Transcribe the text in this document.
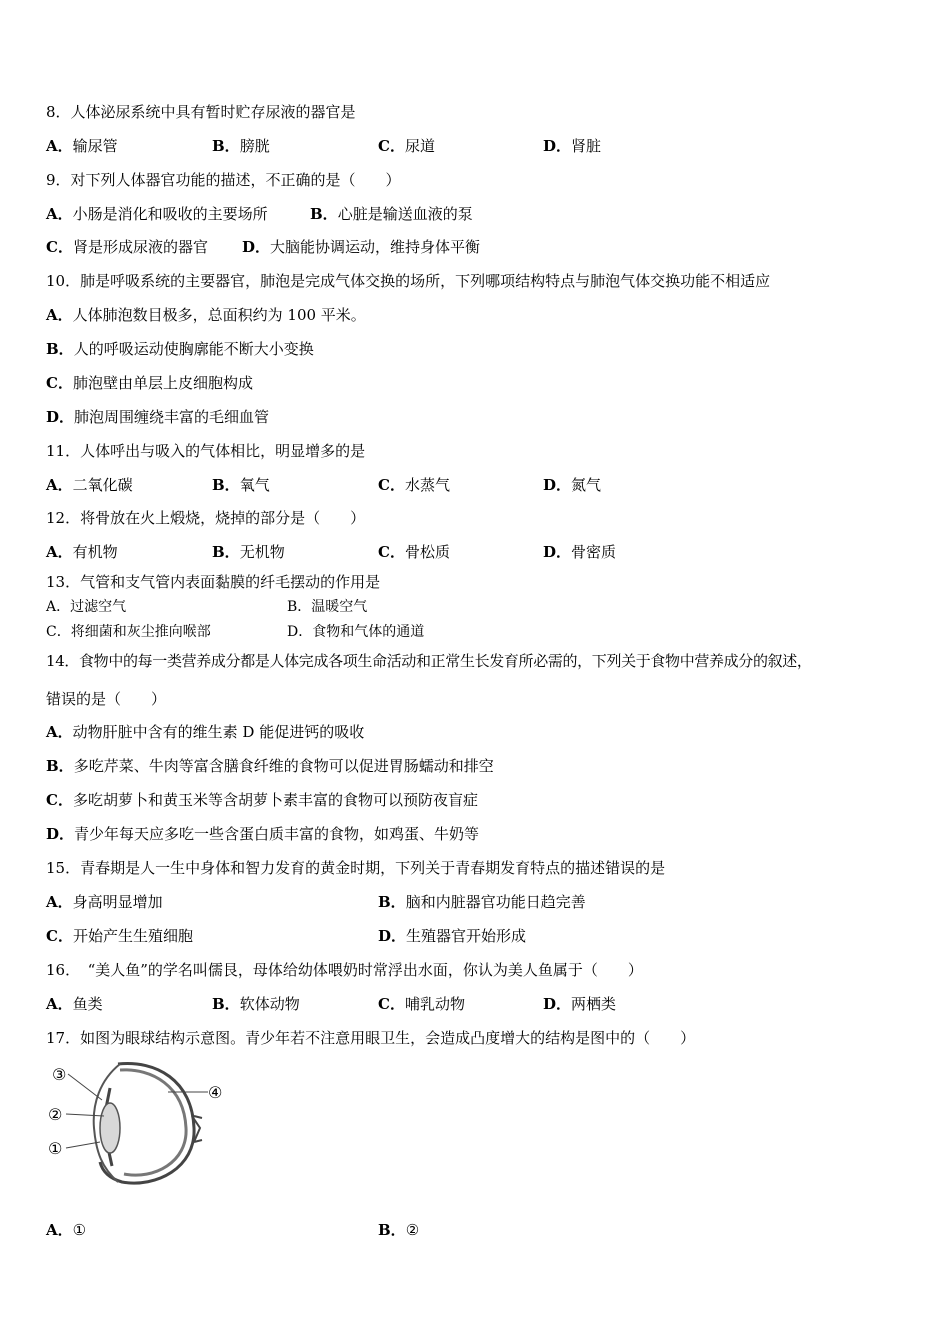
8．人体泌尿系统中具有暂时贮存尿液的器官是
A．输尿管	B．膀胱	C．尿道	D．肾脏
9．对下列人体器官功能的描述，不正确的是（　　）
A．小肠是消化和吸收的主要场所	B．心脏是输送血液的泵
C．肾是形成尿液的器官 D．大脑能协调运动，维持身体平衡
10．肺是呼吸系统的主要器官，肺泡是完成气体交换的场所，下列哪项结构特点与肺泡气体交换功能不相适应
A．人体肺泡数目极多，总面积约为 100 平米。
B．人的呼吸运动使胸廓能不断大小变换
C．肺泡壁由单层上皮细胞构成
D．肺泡周围缠绕丰富的毛细血管
11．人体呼出与吸入的气体相比，明显增多的是
A．二氧化碳	B．氧气	C．水蒸气	D．氮气
12．将骨放在火上煅烧，烧掉的部分是（　　）
A．有机物	B．无机物	C．骨松质	D．骨密质
13．气管和支气管内表面黏膜的纤毛摆动的作用是
A．过滤空气	B．温暖空气
C．将细菌和灰尘推向喉部	D．食物和气体的通道
14．食物中的每一类营养成分都是人体完成各项生命活动和正常生长发育所必需的，下列关于食物中营养成分的叙述，
错误的是（　　）
A．动物肝脏中含有的维生素 D 能促进钙的吸收
B．多吃芹菜、牛肉等富含膳食纤维的食物可以促进胃肠蠕动和排空
C．多吃胡萝卜和黄玉米等含胡萝卜素丰富的食物可以预防夜盲症
D．青少年每天应多吃一些含蛋白质丰富的食物，如鸡蛋、牛奶等
15．青春期是人一生中身体和智力发育的黄金时期，下列关于青春期发育特点的描述错误的是
A．身高明显增加	B．脑和内脏器官功能日趋完善
C．开始产生生殖细胞	D．生殖器官开始形成
16．　“美人鱼”的学名叫儒艮，母体给幼体喂奶时常浮出水面，你认为美人鱼属于（　　）
A．鱼类	B．软体动物	C．哺乳动物	D．两栖类
17．如图为眼球结构示意图。青少年若不注意用眼卫生，会造成凸度增大的结构是图中的（　　）
③
②
①
④
A．①	B．②
